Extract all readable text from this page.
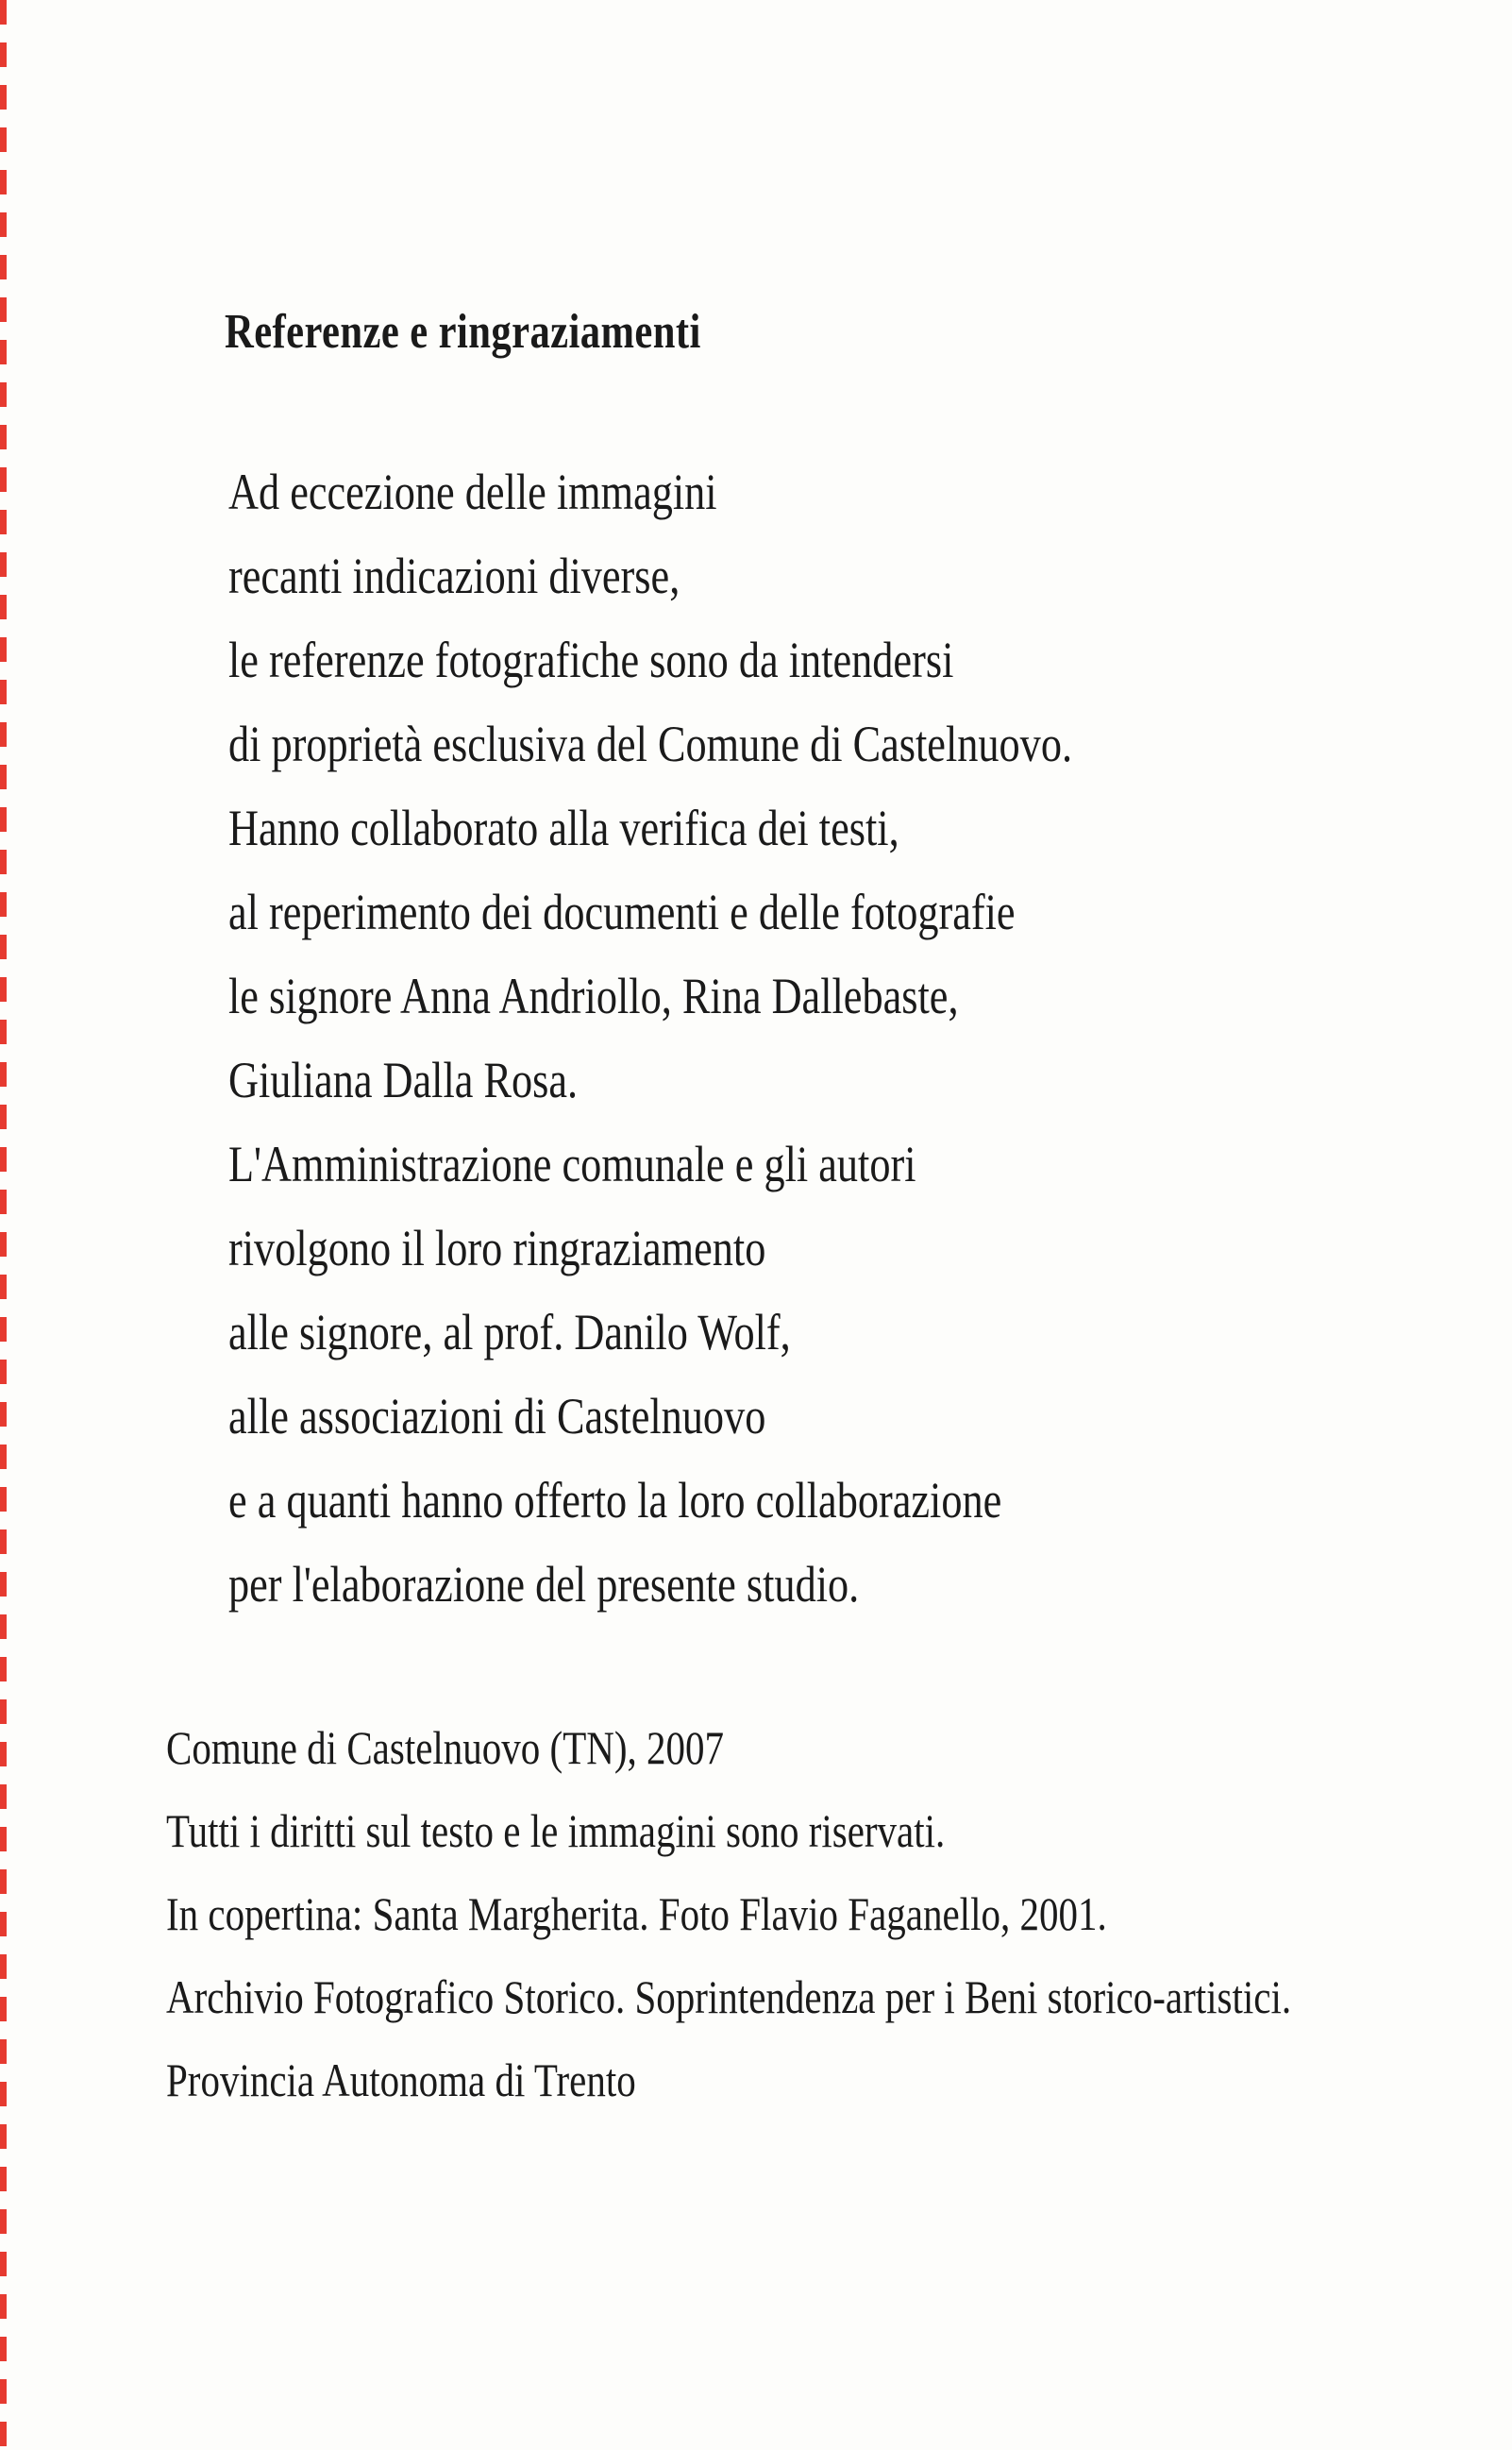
Referenze e ringraziamenti
Ad eccezione delle immagini
recanti indicazioni diverse,
le referenze fotografiche sono da intendersi
di proprietà esclusiva del Comune di Castelnuovo.
Hanno collaborato alla verifica dei testi,
al reperimento dei documenti e delle fotografie
le signore Anna Andriollo, Rina Dallebaste,
Giuliana Dalla Rosa.
L'Amministrazione comunale e gli autori
rivolgono il loro ringraziamento
alle signore, al prof. Danilo Wolf,
alle associazioni di Castelnuovo
e a quanti hanno offerto la loro collaborazione
per l'elaborazione del presente studio.
Comune di Castelnuovo (TN), 2007
Tutti i diritti sul testo e le immagini sono riservati.
In copertina: Santa Margherita. Foto Flavio Faganello, 2001.
Archivio Fotografico Storico. Soprintendenza per i Beni storico-artistici.
Provincia Autonoma di Trento
